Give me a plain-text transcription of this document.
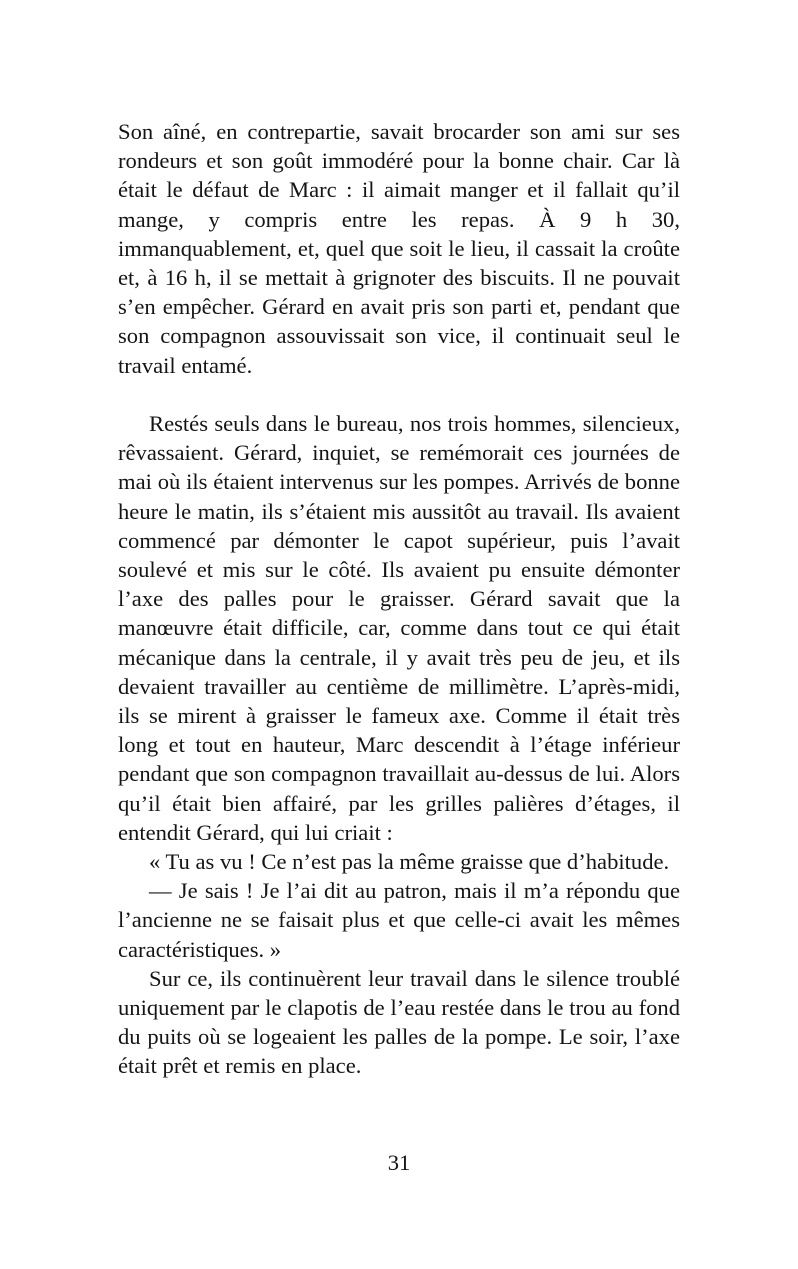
Son aîné, en contrepartie, savait brocarder son ami sur ses rondeurs et son goût immodéré pour la bonne chair. Car là était le défaut de Marc : il aimait manger et il fallait qu’il mange, y compris entre les repas. À 9 h 30, immanquablement, et, quel que soit le lieu, il cassait la croûte et, à 16 h, il se mettait à grignoter des biscuits. Il ne pouvait s’en empêcher. Gérard en avait pris son parti et, pendant que son compagnon assouvissait son vice, il continuait seul le travail entamé.

Restés seuls dans le bureau, nos trois hommes, silencieux, rêvassaient. Gérard, inquiet, se remémorait ces journées de mai où ils étaient intervenus sur les pompes. Arrivés de bonne heure le matin, ils s’étaient mis aussitôt au travail. Ils avaient commencé par démonter le capot supérieur, puis l’avait soulevé et mis sur le côté. Ils avaient pu ensuite démonter l’axe des palles pour le graisser. Gérard savait que la manœuvre était difficile, car, comme dans tout ce qui était mécanique dans la centrale, il y avait très peu de jeu, et ils devaient travailler au centième de millimètre. L’après-midi, ils se mirent à graisser le fameux axe. Comme il était très long et tout en hauteur, Marc descendit à l’étage inférieur pendant que son compagnon travaillait au-dessus de lui. Alors qu’il était bien affairé, par les grilles palières d’étages, il entendit Gérard, qui lui criait :

« Tu as vu ! Ce n’est pas la même graisse que d’habitude.

— Je sais ! Je l’ai dit au patron, mais il m’a répondu que l’ancienne ne se faisait plus et que celle-ci avait les mêmes caractéristiques. »

Sur ce, ils continuèrent leur travail dans le silence troublé uniquement par le clapotis de l’eau restée dans le trou au fond du puits où se logeaient les palles de la pompe. Le soir, l’axe était prêt et remis en place.

31
